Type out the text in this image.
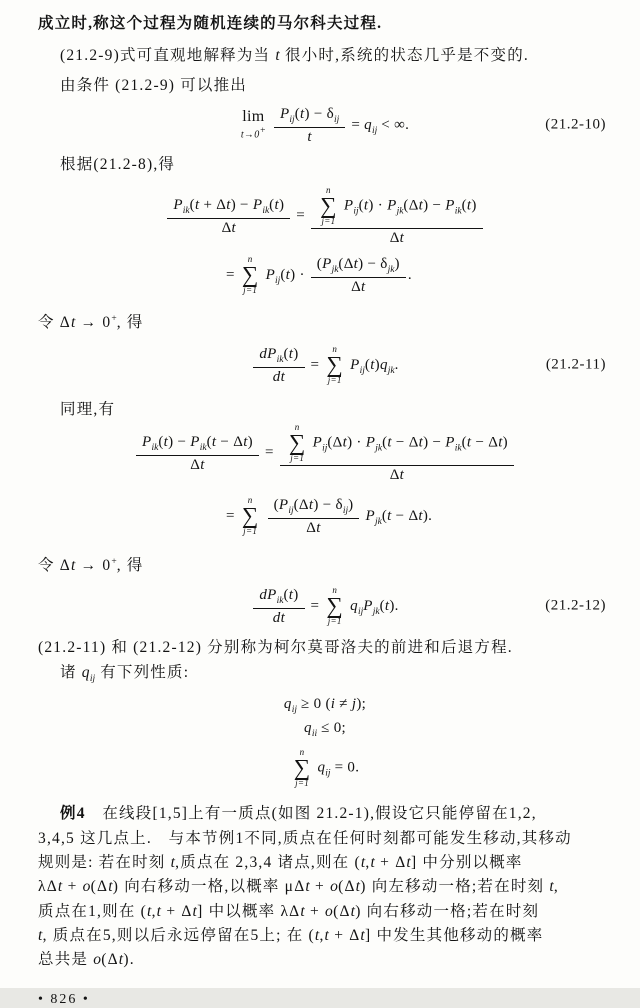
成立时,称这个过程为随机连续的马尔科夫过程.
(21.2-9)式可直观地解释为当 t 很小时,系统的状态几乎是不变的.
由条件 (21.2-9) 可以推出
lim
t→0+
$P_{ij}(t) - \delta_{ij}$
t
= $q_{ij}$ < ∞.	(21.2-10)
根据(21.2-8),得
$P_{ik}(t + \Delta t) - P_{ik}(t)$
Δt
=
n
∑
j=1
$P_{ij}(t) \cdot P_{jk}(\Delta t) - P_{ik}(t)$
Δt
=
n
∑
j=1
$P_{ij}(t)$ ·
$(P_{jk}(\Delta t) - \delta_{jk})$
Δt
.
令 Δt → 0+, 得
$dP_{ik}(t)$
dt
=
n
∑
j=1
$P_{ij}(t)q_{jk}$.	(21.2-11)
同理,有
$P_{ik}(t) - P_{ik}(t - \Delta t)$
Δt
=
n
∑
j=1
$P_{ij}(\Delta t) \cdot P_{jk}(t - \Delta t) - P_{ik}(t - \Delta t)$
Δt
=
n
∑
j=1

$(P_{ij}(\Delta t) - \delta_{ij})$
Δt
$P_{jk}(t - \Delta t)$.
令 Δt → 0+, 得
$dP_{ik}(t)$
dt
=
n
∑
j=1
$q_{ij}P_{jk}(t)$.	(21.2-12)
(21.2-11) 和 (21.2-12) 分别称为柯尔莫哥洛夫的前进和后退方程.
诸 $q_{ij}$ 有下列性质:
$q_{ij} \ge 0$ (i ≠ j);
$q_{ii} \le 0$;
n
∑
j=1
$q_{ij} = 0$.
例4　在线段[1,5]上有一质点(如图 21.2-1),假设它只能停留在1,2,
3,4,5 这几点上.　与本节例1不同,质点在任何时刻都可能发生移动,其移动
规则是: 若在时刻 t,质点在 2,3,4 诸点,则在 (t,t + Δt] 中分别以概率
λΔt + o(Δt) 向右移动一格,以概率 μΔt + o(Δt) 向左移动一格;若在时刻 t,
质点在1,则在 (t,t + Δt] 中以概率 λΔt + o(Δt) 向右移动一格;若在时刻
t, 质点在5,则以后永远停留在5上; 在 (t,t + Δt] 中发生其他移动的概率
总共是 o(Δt).
• 826 •
